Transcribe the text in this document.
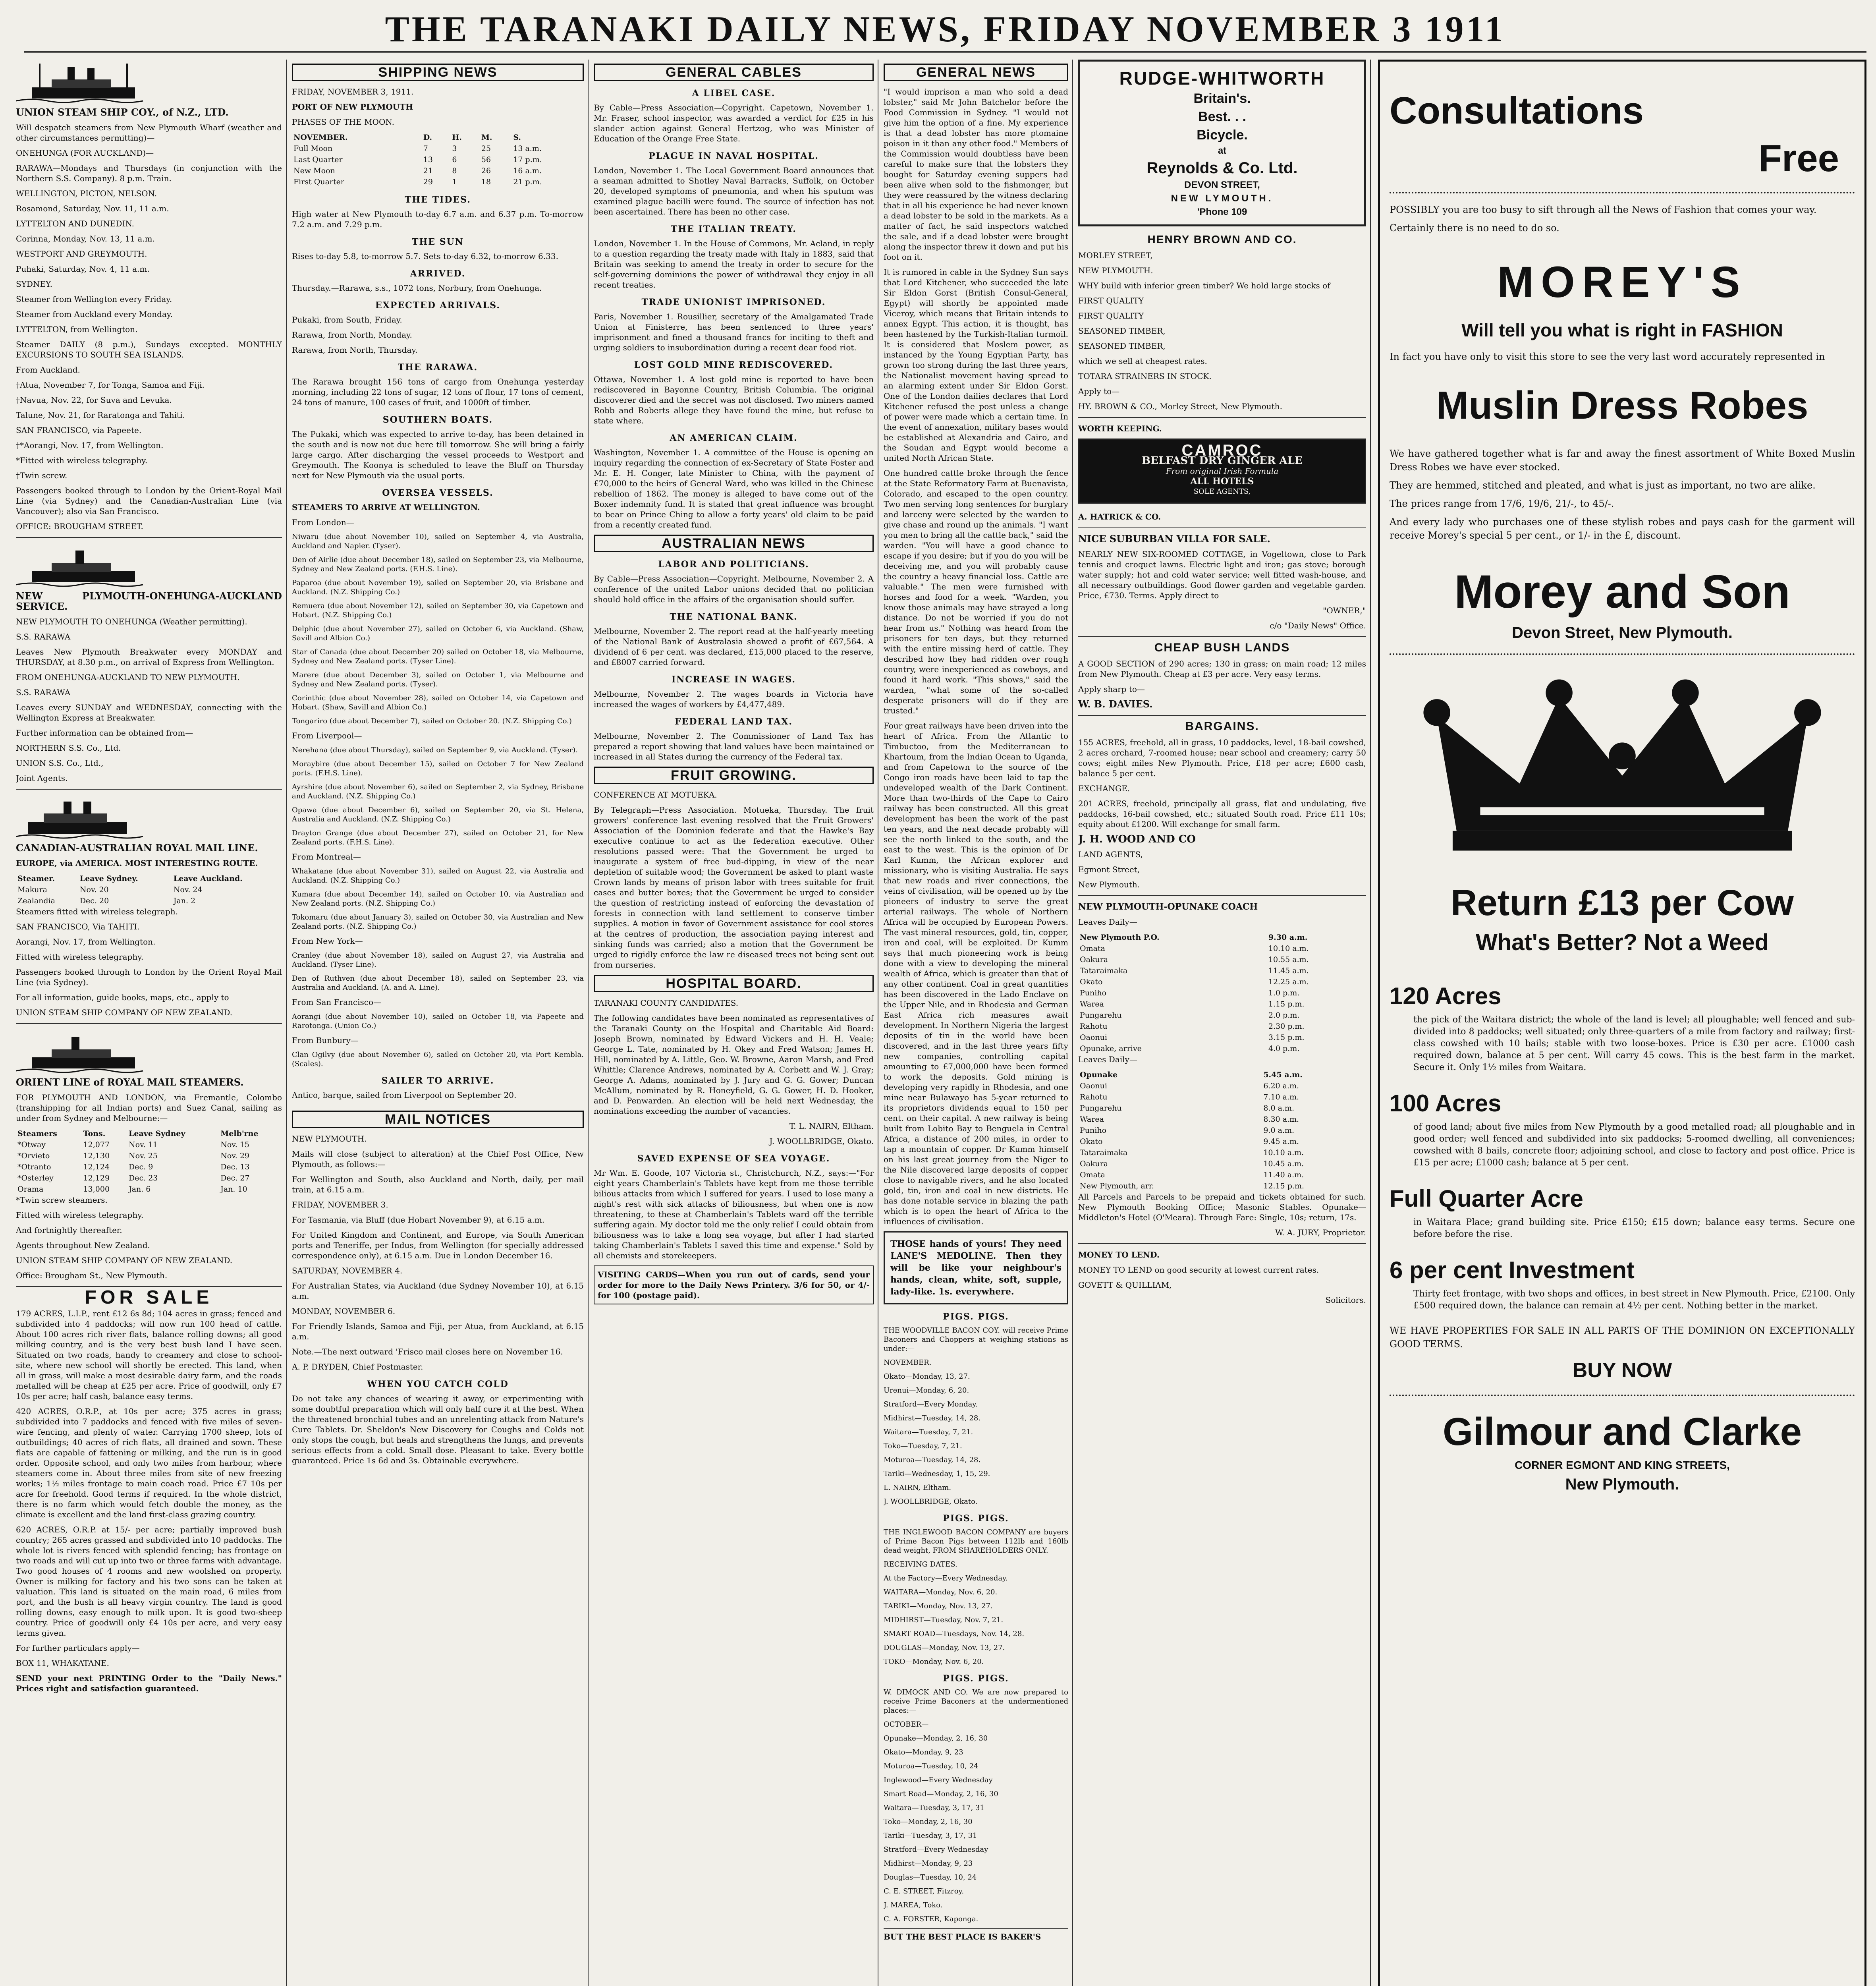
THE TARANAKI DAILY NEWS, FRIDAY NOVEMBER 3 1911

UNION STEAM SHIP COY., of N.Z., LTD.

Will despatch steamers from New Plymouth Wharf (weather and other circumstances permitting)—

ONEHUNGA (FOR AUCKLAND)—

RARAWA—Mondays and Thursdays (in conjunction with the Northern S.S. Company). 8 p.m. Train.

WELLINGTON, PICTON, NELSON.

Rosamond, Saturday, Nov. 11, 11 a.m.

LYTTELTON AND DUNEDIN.

Corinna, Monday, Nov. 13, 11 a.m.

WESTPORT AND GREYMOUTH.

Puhaki, Saturday, Nov. 4, 11 a.m.

SYDNEY.

Steamer from Wellington every Friday.

Steamer from Auckland every Monday.

LYTTELTON, from Wellington.

Steamer DAILY (8 p.m.), Sundays excepted. MONTHLY EXCURSIONS TO SOUTH SEA ISLANDS.

From Auckland.

†Atua, November 7, for Tonga, Samoa and Fiji.

†Navua, Nov. 22, for Suva and Levuka.

Talune, Nov. 21, for Raratonga and Tahiti.

SAN FRANCISCO, via Papeete.

†*Aorangi, Nov. 17, from Wellington.

*Fitted with wireless telegraphy.

†Twin screw.

Passengers booked through to London by the Orient-Royal Mail Line (via Sydney) and the Canadian-Australian Line (via Vancouver); also via San Francisco.

OFFICE: BROUGHAM STREET.

NEW PLYMOUTH-ONEHUNGA-AUCKLAND SERVICE.

NEW PLYMOUTH TO ONEHUNGA (Weather permitting).

S.S. RARAWA

Leaves New Plymouth Breakwater every MONDAY and THURSDAY, at 8.30 p.m., on arrival of Express from Wellington.

FROM ONEHUNGA-AUCKLAND TO NEW PLYMOUTH.

S.S. RARAWA

Leaves every SUNDAY and WEDNESDAY, connecting with the Wellington Express at Breakwater.

Further information can be obtained from—

NORTHERN S.S. Co., Ltd.

UNION S.S. Co., Ltd.,

Joint Agents.

CANADIAN-AUSTRALIAN ROYAL MAIL LINE.

EUROPE, via AMERICA. MOST INTERESTING ROUTE.

Steamer.	Leave Sydney.	Leave Auckland.
Makura	Nov. 20	Nov. 24
Zealandia	Dec. 20	Jan. 2

Steamers fitted with wireless telegraph.

SAN FRANCISCO, Via TAHITI.

Aorangi, Nov. 17, from Wellington.

Fitted with wireless telegraphy.

Passengers booked through to London by the Orient Royal Mail Line (via Sydney).

For all information, guide books, maps, etc., apply to

UNION STEAM SHIP COMPANY OF NEW ZEALAND.

ORIENT LINE of ROYAL MAIL STEAMERS.

FOR PLYMOUTH AND LONDON, via Fremantle, Colombo (transhipping for all Indian ports) and Suez Canal, sailing as under from Sydney and Melbourne:—

Steamers	Tons.	Leave Sydney	Melb'rne
*Otway	12,077	Nov. 11	Nov. 15
*Orvieto	12,130	Nov. 25	Nov. 29
*Otranto	12,124	Dec. 9	Dec. 13
*Osterley	12,129	Dec. 23	Dec. 27
Orama	13,000	Jan. 6	Jan. 10

*Twin screw steamers.

Fitted with wireless telegraphy.

And fortnightly thereafter.

Agents throughout New Zealand.

UNION STEAM SHIP COMPANY OF NEW ZEALAND.

Office: Brougham St., New Plymouth.

FOR SALE

179 ACRES, L.I.P., rent £12 6s 8d; 104 acres in grass; fenced and subdivided into 4 paddocks; will now run 100 head of cattle. About 100 acres rich river flats, balance rolling downs; all good milking country, and is the very best bush land I have seen. Situated on two roads, handy to creamery and close to school-site, where new school will shortly be erected. This land, when all in grass, will make a most desirable dairy farm, and the roads metalled will be cheap at £25 per acre. Price of goodwill, only £7 10s per acre; half cash, balance easy terms.

420 ACRES, O.R.P., at 10s per acre; 375 acres in grass; subdivided into 7 paddocks and fenced with five miles of seven-wire fencing, and plenty of water. Carrying 1700 sheep, lots of outbuildings; 40 acres of rich flats, all drained and sown. These flats are capable of fattening or milking, and the run is in good order. Opposite school, and only two miles from harbour, where steamers come in. About three miles from site of new freezing works; 1½ miles frontage to main coach road. Price £7 10s per acre for freehold. Good terms if required. In the whole district, there is no farm which would fetch double the money, as the climate is excellent and the land first-class grazing country.

620 ACRES, O.R.P. at 15/- per acre; partially improved bush country; 265 acres grassed and subdivided into 10 paddocks. The whole lot is rivers fenced with splendid fencing; has frontage on two roads and will cut up into two or three farms with advantage. Two good houses of 4 rooms and new woolshed on property. Owner is milking for factory and his two sons can be taken at valuation. This land is situated on the main road, 6 miles from port, and the bush is all heavy virgin country. The land is good rolling downs, easy enough to milk upon. It is good two-sheep country. Price of goodwill only £4 10s per acre, and very easy terms given.

For further particulars apply—

BOX 11, WHAKATANE.

SEND your next PRINTING Order to the "Daily News." Prices right and satisfaction guaranteed.

SHIPPING NEWS

FRIDAY, NOVEMBER 3, 1911.

PORT OF NEW PLYMOUTH

PHASES OF THE MOON.

NOVEMBER.	D.	H.	M.	S.
Full Moon	7	3	25	13 a.m.
Last Quarter	13	6	56	17 p.m.
New Moon	21	8	26	16 a.m.
First Quarter	29	1	18	21 p.m.
THE TIDES.

High water at New Plymouth to-day 6.7 a.m. and 6.37 p.m. To-morrow 7.2 a.m. and 7.29 p.m.

THE SUN

Rises to-day 5.8, to-morrow 5.7. Sets to-day 6.32, to-morrow 6.33.

ARRIVED.

Thursday.—Rarawa, s.s., 1072 tons, Norbury, from Onehunga.

EXPECTED ARRIVALS.

Pukaki, from South, Friday.

Rarawa, from North, Monday.

Rarawa, from North, Thursday.

THE RARAWA.

The Rarawa brought 156 tons of cargo from Onehunga yesterday morning, including 22 tons of sugar, 12 tons of flour, 17 tons of cement, 24 tons of manure, 100 cases of fruit, and 1000ft of timber.

SOUTHERN BOATS.

The Pukaki, which was expected to arrive to-day, has been detained in the south and is now not due here till tomorrow. She will bring a fairly large cargo. After discharging the vessel proceeds to Westport and Greymouth. The Koonya is scheduled to leave the Bluff on Thursday next for New Plymouth via the usual ports.

OVERSEA VESSELS.

STEAMERS TO ARRIVE AT WELLINGTON.

From London—

Niwaru (due about November 10), sailed on September 4, via Australia, Auckland and Napier. (Tyser).

Den of Airlie (due about December 18), sailed on September 23, via Melbourne, Sydney and New Zealand ports. (F.H.S. Line).

Paparoa (due about November 19), sailed on September 20, via Brisbane and Auckland. (N.Z. Shipping Co.)

Remuera (due about November 12), sailed on September 30, via Capetown and Hobart. (N.Z. Shipping Co.)

Delphic (due about November 27), sailed on October 6, via Auckland. (Shaw, Savill and Albion Co.)

Star of Canada (due about December 20) sailed on October 18, via Melbourne, Sydney and New Zealand ports. (Tyser Line).

Marere (due about December 3), sailed on October 1, via Melbourne and Sydney and New Zealand ports. (Tyser).

Corinthic (due about November 28), sailed on October 14, via Capetown and Hobart. (Shaw, Savill and Albion Co.)

Tongariro (due about December 7), sailed on October 20. (N.Z. Shipping Co.)

From Liverpool—

Nerehana (due about Thursday), sailed on September 9, via Auckland. (Tyser).

Moraybire (due about December 15), sailed on October 7 for New Zealand ports. (F.H.S. Line).

Ayrshire (due about November 6), sailed on September 2, via Sydney, Brisbane and Auckland. (N.Z. Shipping Co.)

Opawa (due about December 6), sailed on September 20, via St. Helena, Australia and Auckland. (N.Z. Shipping Co.)

Drayton Grange (due about December 27), sailed on October 21, for New Zealand ports. (F.H.S. Line).

From Montreal—

Whakatane (due about November 31), sailed on August 22, via Australia and Auckland. (N.Z. Shipping Co.)

Kumara (due about December 14), sailed on October 10, via Australian and New Zealand ports. (N.Z. Shipping Co.)

Tokomaru (due about January 3), sailed on October 30, via Australian and New Zealand ports. (N.Z. Shipping Co.)

From New York—

Cranley (due about November 18), sailed on August 27, via Australia and Auckland. (Tyser Line).

Den of Ruthven (due about December 18), sailed on September 23, via Australia and Auckland. (A. and A. Line).

From San Francisco—

Aorangi (due about November 10), sailed on October 18, via Papeete and Rarotonga. (Union Co.)

From Bunbury—

Clan Ogilvy (due about November 6), sailed on October 20, via Port Kembla. (Scales).

SAILER TO ARRIVE.

Antico, barque, sailed from Liverpool on September 20.

MAIL NOTICES

NEW PLYMOUTH.

Mails will close (subject to alteration) at the Chief Post Office, New Plymouth, as follows:—

For Wellington and South, also Auckland and North, daily, per mail train, at 6.15 a.m.

FRIDAY, NOVEMBER 3.

For Tasmania, via Bluff (due Hobart November 9), at 6.15 a.m.

For United Kingdom and Continent, and Europe, via South American ports and Teneriffe, per Indus, from Wellington (for specially addressed correspondence only), at 6.15 a.m. Due in London December 16.

SATURDAY, NOVEMBER 4.

For Australian States, via Auckland (due Sydney November 10), at 6.15 a.m.

MONDAY, NOVEMBER 6.

For Friendly Islands, Samoa and Fiji, per Atua, from Auckland, at 6.15 a.m.

Note.—The next outward 'Frisco mail closes here on November 16.

A. P. DRYDEN, Chief Postmaster.

WHEN YOU CATCH COLD

Do not take any chances of wearing it away, or experimenting with some doubtful preparation which will only half cure it at the best. When the threatened bronchial tubes and an unrelenting attack from Nature's Cure Tablets. Dr. Sheldon's New Discovery for Coughs and Colds not only stops the cough, but heals and strengthens the lungs, and prevents serious effects from a cold. Small dose. Pleasant to take. Every bottle guaranteed. Price 1s 6d and 3s. Obtainable everywhere.

GENERAL CABLES
A LIBEL CASE.

By Cable—Press Association—Copyright. Capetown, November 1. Mr. Fraser, school inspector, was awarded a verdict for £25 in his slander action against General Hertzog, who was Minister of Education of the Orange Free State.

PLAGUE IN NAVAL HOSPITAL.

London, November 1. The Local Government Board announces that a seaman admitted to Shotley Naval Barracks, Suffolk, on October 20, developed symptoms of pneumonia, and when his sputum was examined plague bacilli were found. The source of infection has not been ascertained. There has been no other case.

THE ITALIAN TREATY.

London, November 1. In the House of Commons, Mr. Acland, in reply to a question regarding the treaty made with Italy in 1883, said that Britain was seeking to amend the treaty in order to secure for the self-governing dominions the power of withdrawal they enjoy in all recent treaties.

TRADE UNIONIST IMPRISONED.

Paris, November 1. Rousillier, secretary of the Amalgamated Trade Union at Finisterre, has been sentenced to three years' imprisonment and fined a thousand francs for inciting to theft and urging soldiers to insubordination during a recent dear food riot.

LOST GOLD MINE REDISCOVERED.

Ottawa, November 1. A lost gold mine is reported to have been rediscovered in Bayonne Country, British Columbia. The original discoverer died and the secret was not disclosed. Two miners named Robb and Roberts allege they have found the mine, but refuse to state where.

AN AMERICAN CLAIM.

Washington, November 1. A committee of the House is opening an inquiry regarding the connection of ex-Secretary of State Foster and Mr. E. H. Conger, late Minister to China, with the payment of £70,000 to the heirs of General Ward, who was killed in the Chinese rebellion of 1862. The money is alleged to have come out of the Boxer indemnity fund. It is stated that great influence was brought to bear on Prince Ching to allow a forty years' old claim to be paid from a recently created fund.

AUSTRALIAN NEWS
LABOR AND POLITICIANS.

By Cable—Press Association—Copyright. Melbourne, November 2. A conference of the united Labor unions decided that no politician should hold office in the affairs of the organisation should suffer.

THE NATIONAL BANK.

Melbourne, November 2. The report read at the half-yearly meeting of the National Bank of Australasia showed a profit of £67,564. A dividend of 6 per cent. was declared, £15,000 placed to the reserve, and £8007 carried forward.

INCREASE IN WAGES.

Melbourne, November 2. The wages boards in Victoria have increased the wages of workers by £4,477,489.

FEDERAL LAND TAX.

Melbourne, November 2. The Commissioner of Land Tax has prepared a report showing that land values have been maintained or increased in all States during the currency of the Federal tax.

FRUIT GROWING.

CONFERENCE AT MOTUEKA.

By Telegraph—Press Association. Motueka, Thursday. The fruit growers' conference last evening resolved that the Fruit Growers' Association of the Dominion federate and that the Hawke's Bay executive continue to act as the federation executive. Other resolutions passed were: That the Government be urged to inaugurate a system of free bud-dipping, in view of the near depletion of suitable wood; the Government be asked to plant waste Crown lands by means of prison labor with trees suitable for fruit cases and butter boxes; that the Government be urged to consider the question of restricting instead of enforcing the devastation of forests in connection with land settlement to conserve timber supplies. A motion in favor of Government assistance for cool stores at the centres of production, the association paying interest and sinking funds was carried; also a motion that the Government be urged to rigidly enforce the law re diseased trees not being sent out from nurseries.

HOSPITAL BOARD.

TARANAKI COUNTY CANDIDATES.

The following candidates have been nominated as representatives of the Taranaki County on the Hospital and Charitable Aid Board: Joseph Brown, nominated by Edward Vickers and H. H. Veale; George L. Tate, nominated by H. Okey and Fred Watson; James H. Hill, nominated by A. Little, Geo. W. Browne, Aaron Marsh, and Fred Whittle; Clarence Andrews, nominated by A. Corbett and W. J. Gray; George A. Adams, nominated by J. Jury and G. G. Gower; Duncan McAllum, nominated by R. Honeyfield, G. G. Gower, H. D. Hooker, and D. Penwarden. An election will be held next Wednesday, the nominations exceeding the number of vacancies.

T. L. NAIRN, Eltham.

J. WOOLLBRIDGE, Okato.

SAVED EXPENSE OF SEA VOYAGE.

Mr Wm. E. Goode, 107 Victoria st., Christchurch, N.Z., says:—"For eight years Chamberlain's Tablets have kept from me those terrible bilious attacks from which I suffered for years. I used to lose many a night's rest with sick attacks of biliousness, but when one is now threatening, to these at Chamberlain's Tablets ward off the terrible suffering again. My doctor told me the only relief I could obtain from biliousness was to take a long sea voyage, but after I had started taking Chamberlain's Tablets I saved this time and expense." Sold by all chemists and storekeepers.

VISITING CARDS—When you run out of cards, send your order for more to the Daily News Printery. 3/6 for 50, or 4/- for 100 (postage paid).

GENERAL NEWS

"I would imprison a man who sold a dead lobster," said Mr John Batchelor before the Food Commission in Sydney. "I would not give him the option of a fine. My experience is that a dead lobster has more ptomaine poison in it than any other food." Members of the Commission would doubtless have been careful to make sure that the lobsters they bought for Saturday evening suppers had been alive when sold to the fishmonger, but they were reassured by the witness declaring that in all his experience he had never known a dead lobster to be sold in the markets. As a matter of fact, he said inspectors watched the sale, and if a dead lobster were brought along the inspector threw it down and put his foot on it.

It is rumored in cable in the Sydney Sun says that Lord Kitchener, who succeeded the late Sir Eldon Gorst (British Consul-General, Egypt) will shortly be appointed made Viceroy, which means that Britain intends to annex Egypt. This action, it is thought, has been hastened by the Turkish-Italian turmoil. It is considered that Moslem power, as instanced by the Young Egyptian Party, has grown too strong during the last three years, the Nationalist movement having spread to an alarming extent under Sir Eldon Gorst. One of the London dailies declares that Lord Kitchener refused the post unless a change of power were made which a certain time. In the event of annexation, military bases would be established at Alexandria and Cairo, and the Soudan and Egypt would become a united North African State.

One hundred cattle broke through the fence at the State Reformatory Farm at Buenavista, Colorado, and escaped to the open country. Two men serving long sentences for burglary and larceny were selected by the warden to give chase and round up the animals. "I want you men to bring all the cattle back," said the warden. "You will have a good chance to escape if you desire; but if you do you will be deceiving me, and you will probably cause the country a heavy financial loss. Cattle are valuable." The men were furnished with horses and food for a week. "Warden, you know those animals may have strayed a long distance. Do not be worried if you do not hear from us." Nothing was heard from the prisoners for ten days, but they returned with the entire missing herd of cattle. They described how they had ridden over rough country, were inexperienced as cowboys, and found it hard work. "This shows," said the warden, "what some of the so-called desperate prisoners will do if they are trusted."

Four great railways have been driven into the heart of Africa. From the Atlantic to Timbuctoo, from the Mediterranean to Khartoum, from the Indian Ocean to Uganda, and from Capetown to the source of the Congo iron roads have been laid to tap the undeveloped wealth of the Dark Continent. More than two-thirds of the Cape to Cairo railway has been constructed. All this great development has been the work of the past ten years, and the next decade probably will see the north linked to the south, and the east to the west. This is the opinion of Dr Karl Kumm, the African explorer and missionary, who is visiting Australia. He says that new roads and river connections, the veins of civilisation, will be opened up by the pioneers of industry to serve the great arterial railways. The whole of Northern Africa will be occupied by European Powers. The vast mineral resources, gold, tin, copper, iron and coal, will be exploited. Dr Kumm says that much pioneering work is being done with a view to developing the mineral wealth of Africa, which is greater than that of any other continent. Coal in great quantities has been discovered in the Lado Enclave on the Upper Nile, and in Rhodesia and German East Africa rich measures await development. In Northern Nigeria the largest deposits of tin in the world have been discovered, and in the last three years fifty new companies, controlling capital amounting to £7,000,000 have been formed to work the deposits. Gold mining is developing very rapidly in Rhodesia, and one mine near Bulawayo has 5-year returned to its proprietors dividends equal to 150 per cent. on their capital. A new railway is being built from Lobito Bay to Benguela in Central Africa, a distance of 200 miles, in order to tap a mountain of copper. Dr Kumm himself on his last great journey from the Niger to the Nile discovered large deposits of copper close to navigable rivers, and he also located gold, tin, iron and coal in new districts. He has done notable service in blazing the path which is to open the heart of Africa to the influences of civilisation.

THOSE hands of yours! They need LANE'S MEDOLINE. Then they will be like your neighbour's hands, clean, white, soft, supple, lady-like. 1s. everywhere.

PIGS. PIGS.

THE WOODVILLE BACON COY. will receive Prime Baconers and Choppers at weighing stations as under:—

NOVEMBER.

Okato—Monday, 13, 27.

Urenui—Monday, 6, 20.

Stratford—Every Monday.

Midhirst—Tuesday, 14, 28.

Waitara—Tuesday, 7, 21.

Toko—Tuesday, 7, 21.

Moturoa—Tuesday, 14, 28.

Tariki—Wednesday, 1, 15, 29.

L. NAIRN, Eltham.

J. WOOLLBRIDGE, Okato.

PIGS. PIGS.

THE INGLEWOOD BACON COMPANY are buyers of Prime Bacon Pigs between 112lb and 160lb dead weight, FROM SHAREHOLDERS ONLY.

RECEIVING DATES.

At the Factory—Every Wednesday.

WAITARA—Monday, Nov. 6, 20.

TARIKI—Monday, Nov. 13, 27.

MIDHIRST—Tuesday, Nov. 7, 21.

SMART ROAD—Tuesdays, Nov. 14, 28.

DOUGLAS—Monday, Nov. 13, 27.

TOKO—Monday, Nov. 6, 20.

PIGS. PIGS.

W. DIMOCK AND CO. We are now prepared to receive Prime Baconers at the undermentioned places:—

OCTOBER—

Opunake—Monday, 2, 16, 30

Okato—Monday, 9, 23

Moturoa—Tuesday, 10, 24

Inglewood—Every Wednesday

Smart Road—Monday, 2, 16, 30

Waitara—Tuesday, 3, 17, 31

Toko—Monday, 2, 16, 30

Tariki—Tuesday, 3, 17, 31

Stratford—Every Wednesday

Midhirst—Monday, 9, 23

Douglas—Tuesday, 10, 24

C. E. STREET, Fitzroy.

J. MAREA, Toko.

C. A. FORSTER, Kaponga.

BUT THE BEST PLACE IS BAKER'S

RUDGE-WHITWORTH
Britain's.
Best. . .
Bicycle.
at
Reynolds & Co. Ltd.
DEVON STREET,
NEW LYMOUTH.
'Phone 109
HENRY BROWN AND CO.

MORLEY STREET,

NEW PLYMOUTH.

WHY build with inferior green timber? We hold large stocks of

FIRST QUALITY

FIRST QUALITY

SEASONED TIMBER,

SEASONED TIMBER,

which we sell at cheapest rates.

TOTARA STRAINERS IN STOCK.

Apply to—

HY. BROWN & CO., Morley Street, New Plymouth.

WORTH KEEPING.

CAMROC
BELFAST DRY GINGER ALE
From original Irish Formula
ALL HOTELS
SOLE AGENTS,

A. HATRICK & CO.

NICE SUBURBAN VILLA FOR SALE.

NEARLY NEW SIX-ROOMED COTTAGE, in Vogeltown, close to Park tennis and croquet lawns. Electric light and iron; gas stove; borough water supply; hot and cold water service; well fitted wash-house, and all necessary outbuildings. Good flower garden and vegetable garden. Price, £730. Terms. Apply direct to

"OWNER,"

c/o "Daily News" Office.

CHEAP BUSH LANDS

A GOOD SECTION of 290 acres; 130 in grass; on main road; 12 miles from New Plymouth. Cheap at £3 per acre. Very easy terms.

Apply sharp to—

W. B. DAVIES.

BARGAINS.

155 ACRES, freehold, all in grass, 10 paddocks, level, 18-bail cowshed, 2 acres orchard, 7-roomed house; near school and creamery; carry 50 cows; eight miles New Plymouth. Price, £18 per acre; £600 cash, balance 5 per cent.

EXCHANGE.

201 ACRES, freehold, principally all grass, flat and undulating, five paddocks, 16-bail cowshed, etc.; situated South road. Price £11 10s; equity about £1200. Will exchange for small farm.

J. H. WOOD AND CO

LAND AGENTS,

Egmont Street,

New Plymouth.

NEW PLYMOUTH-OPUNAKE COACH

Leaves Daily—

New Plymouth P.O.	9.30 a.m.
Omata	10.10 a.m.
Oakura	10.55 a.m.
Tataraimaka	11.45 a.m.
Okato	12.25 a.m.
Puniho	1.0 p.m.
Warea	1.15 p.m.
Pungarehu	2.0 p.m.
Rahotu	2.30 p.m.
Oaonui	3.15 p.m.
Opunake, arrive	4.0 p.m.

Leaves Daily—

Opunake	5.45 a.m.
Oaonui	6.20 a.m.
Rahotu	7.10 a.m.
Pungarehu	8.0 a.m.
Warea	8.30 a.m.
Puniho	9.0 a.m.
Okato	9.45 a.m.
Tataraimaka	10.10 a.m.
Oakura	10.45 a.m.
Omata	11.40 a.m.
New Plymouth, arr.	12.15 p.m.

All Parcels and Parcels to be prepaid and tickets obtained for such. New Plymouth Booking Office; Masonic Stables. Opunake—Middleton's Hotel (O'Meara). Through Fare: Single, 10s; return, 17s.

W. A. JURY, Proprietor.

MONEY TO LEND.

MONEY TO LEND on good security at lowest current rates.

GOVETT & QUILLIAM,

Solicitors.

Consultations
Free

POSSIBLY you are too busy to sift through all the News of Fashion that comes your way.

Certainly there is no need to do so.

MOREY'S
Will tell you what is right in FASHION

In fact you have only to visit this store to see the very last word accurately represented in

Muslin Dress Robes

We have gathered together what is far and away the finest assortment of White Boxed Muslin Dress Robes we have ever stocked.

They are hemmed, stitched and pleated, and what is just as important, no two are alike.

The prices range from 17/6, 19/6, 21/-, to 45/-.

And every lady who purchases one of these stylish robes and pays cash for the garment will receive Morey's special 5 per cent., or 1/- in the £, discount.

Morey and Son
Devon Street, New Plymouth.
Return £13 per Cow
What's Better? Not a Weed
120 Acres

the pick of the Waitara district; the whole of the land is level; all ploughable; well fenced and sub-divided into 8 paddocks; well situated; only three-quarters of a mile from factory and railway; first-class cowshed with 10 bails; stable with two loose-boxes. Price is £30 per acre. £1000 cash required down, balance at 5 per cent. Will carry 45 cows. This is the best farm in the market. Secure it. Only 1½ miles from Waitara.

100 Acres

of good land; about five miles from New Plymouth by a good metalled road; all ploughable and in good order; well fenced and subdivided into six paddocks; 5-roomed dwelling, all conveniences; cowshed with 8 bails, concrete floor; adjoining school, and close to factory and post office. Price is £15 per acre; £1000 cash; balance at 5 per cent.

Full Quarter Acre

in Waitara Place; grand building site. Price £150; £15 down; balance easy terms. Secure one before before the rise.

6 per cent Investment

Thirty feet frontage, with two shops and offices, in best street in New Plymouth. Price, £2100. Only £500 required down, the balance can remain at 4½ per cent. Nothing better in the market.

WE HAVE PROPERTIES FOR SALE IN ALL PARTS OF THE DOMINION ON EXCEPTIONALLY GOOD TERMS.

BUY NOW
Gilmour and Clarke
CORNER EGMONT AND KING STREETS,
New Plymouth.
